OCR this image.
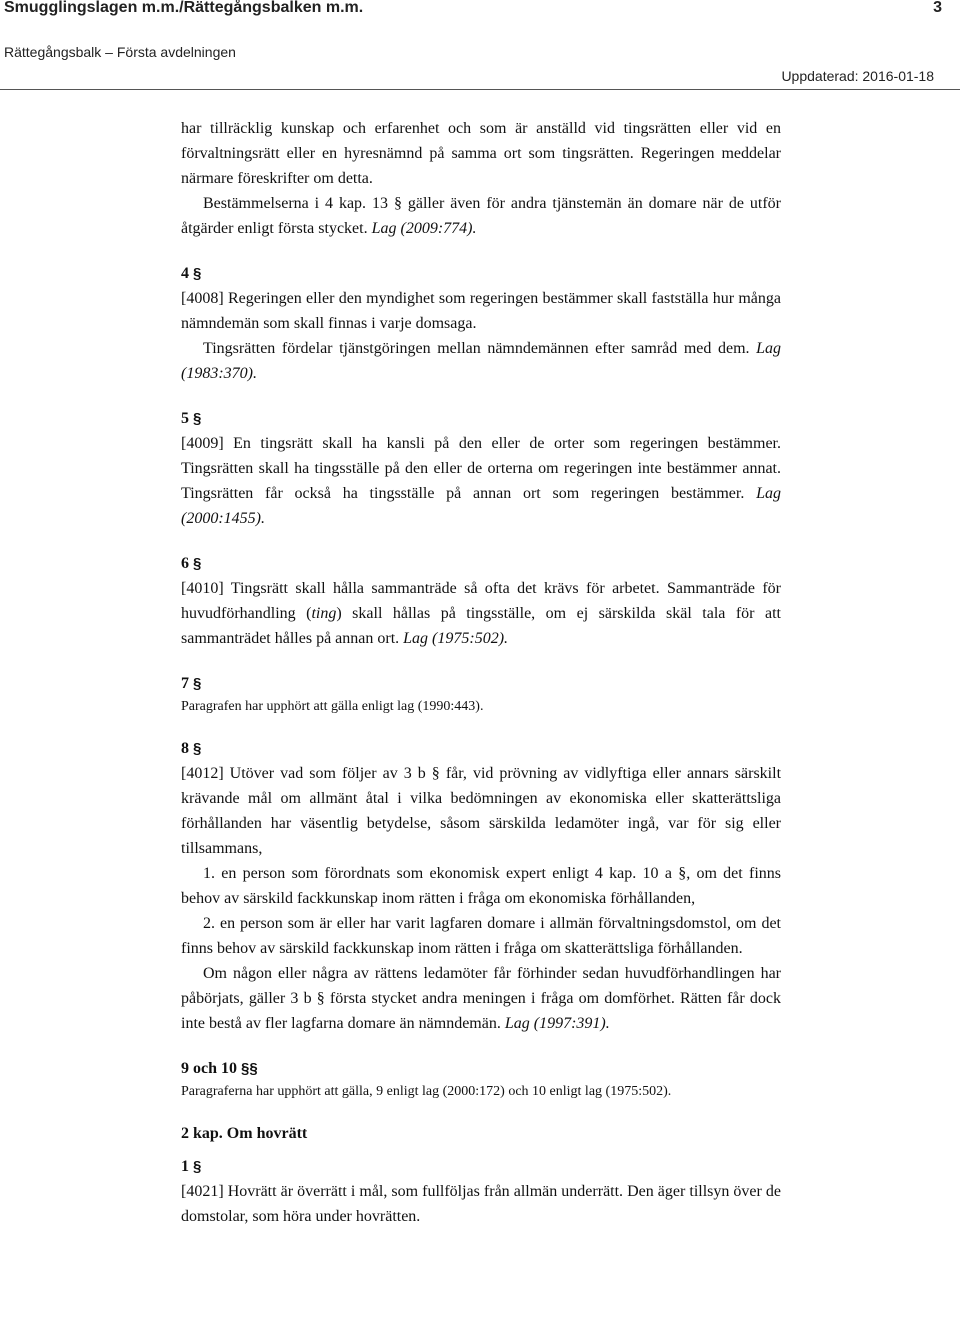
Smugglingslagen m.m./Rättegångsbalken m.m.	3
Rättegångsbalk – Första avdelningen
Uppdaterad: 2016-01-18

har tillräcklig kunskap och erfarenhet och som är anställd vid tingsrätten eller vid en förvaltningsrätt eller en hyresnämnd på samma ort som tingsrätten. Regeringen meddelar närmare föreskrifter om detta.

Bestämmelserna i 4 kap. 13 § gäller även för andra tjänstemän än domare när de utför åtgärder enligt första stycket. Lag (2009:774).

4 §

[4008] Regeringen eller den myndighet som regeringen bestämmer skall fastställa hur många nämndemän som skall finnas i varje domsaga.

Tingsrätten fördelar tjänstgöringen mellan nämndemännen efter samråd med dem. Lag (1983:370).

5 §

[4009] En tingsrätt skall ha kansli på den eller de orter som regeringen bestämmer. Tingsrätten skall ha tingsställe på den eller de orterna om regeringen inte bestämmer annat. Tingsrätten får också ha tingsställe på annan ort som regeringen bestämmer. Lag (2000:1455).

6 §

[4010] Tingsrätt skall hålla sammanträde så ofta det krävs för arbetet. Sammanträde för huvudförhandling (ting) skall hållas på tingsställe, om ej särskilda skäl tala för att sammanträdet hålles på annan ort. Lag (1975:502).

7 §

Paragrafen har upphört att gälla enligt lag (1990:443).

8 §

[4012] Utöver vad som följer av 3 b § får, vid prövning av vidlyftiga eller annars särskilt krävande mål om allmänt åtal i vilka bedömningen av ekonomiska eller skatterättsliga förhållanden har väsentlig betydelse, såsom särskilda ledamöter ingå, var för sig eller tillsammans,

1. en person som förordnats som ekonomisk expert enligt 4 kap. 10 a §, om det finns behov av särskild fackkunskap inom rätten i fråga om ekonomiska förhållanden,

2. en person som är eller har varit lagfaren domare i allmän förvaltningsdomstol, om det finns behov av särskild fackkunskap inom rätten i fråga om skatterättsliga förhållanden.

Om någon eller några av rättens ledamöter får förhinder sedan huvudförhandlingen har påbörjats, gäller 3 b § första stycket andra meningen i fråga om domförhet. Rätten får dock inte bestå av fler lagfarna domare än nämndemän. Lag (1997:391).

9 och 10 §§

Paragraferna har upphört att gälla, 9 enligt lag (2000:172) och 10 enligt lag (1975:502).

2 kap. Om hovrätt

1 §

[4021] Hovrätt är överrätt i mål, som fullföljas från allmän underrätt. Den äger tillsyn över de domstolar, som höra under hovrätten.
